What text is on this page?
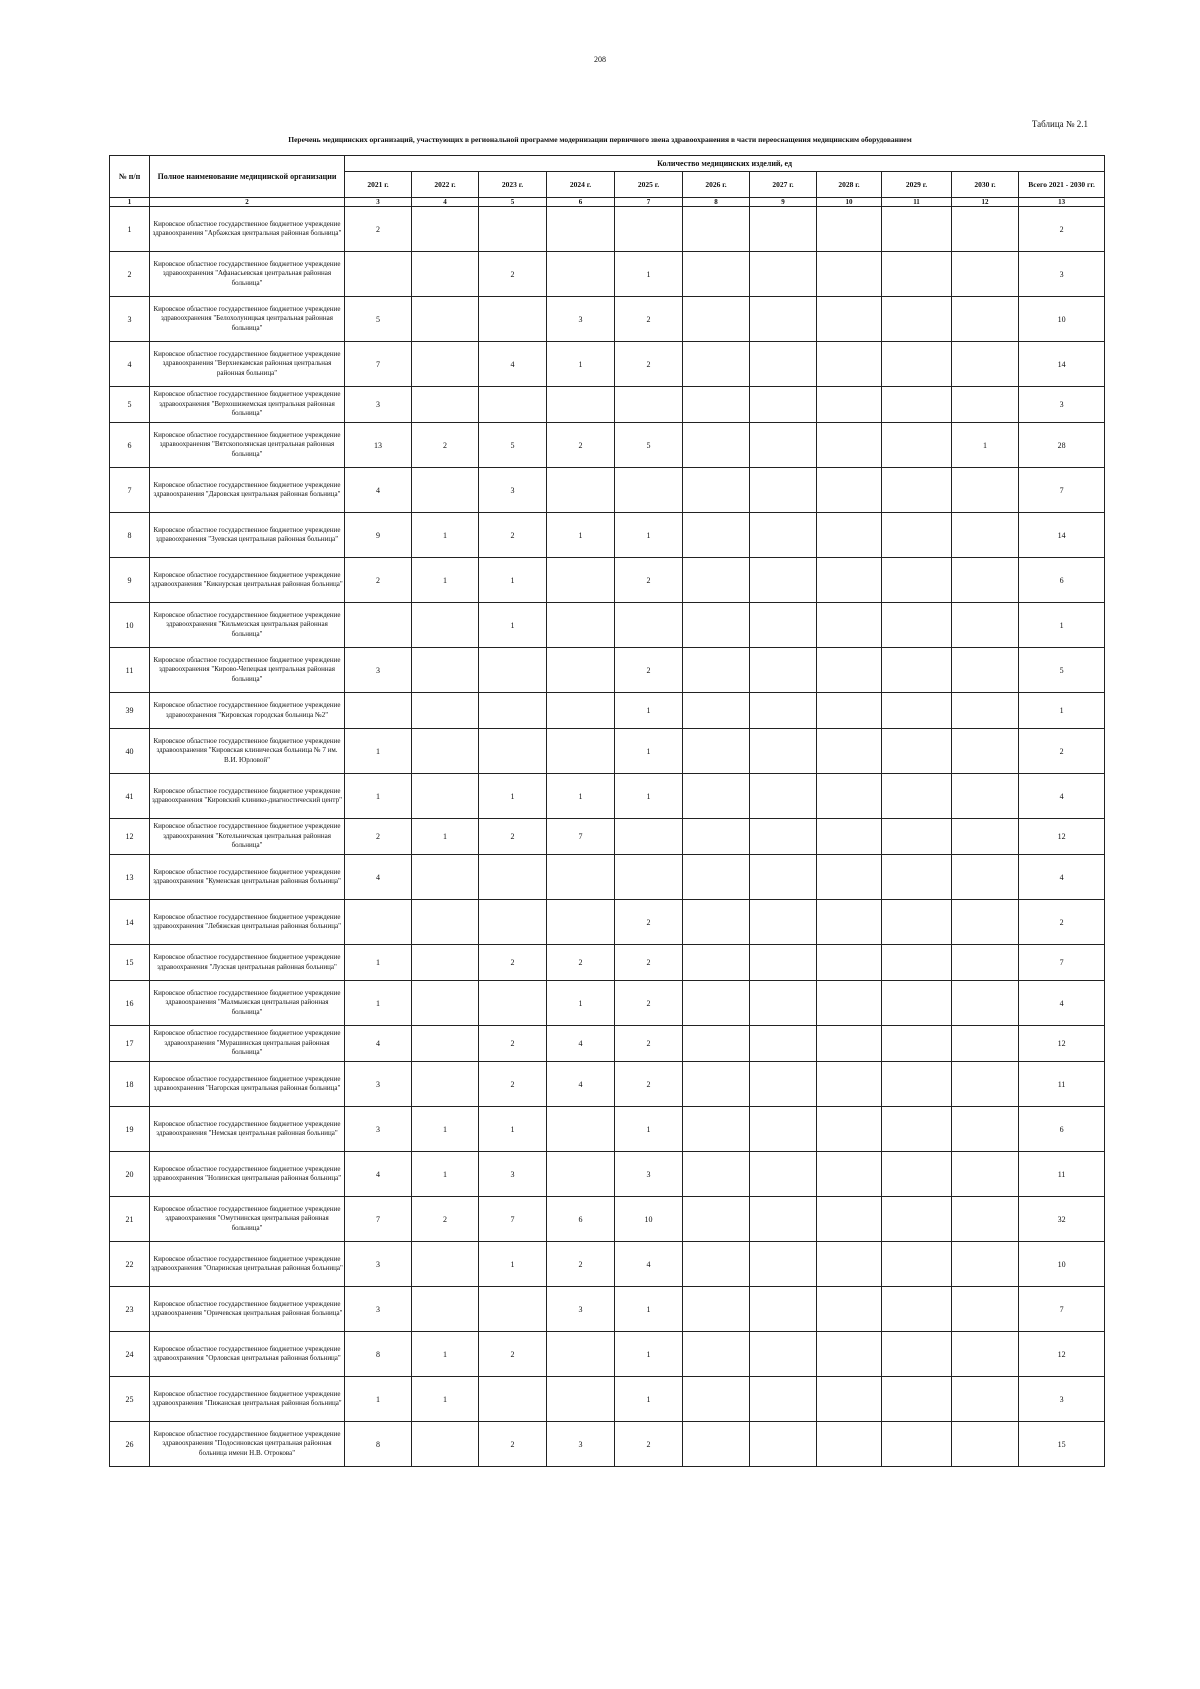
208
Таблица № 2.1
Перечень медицинских организаций, участвующих в региональной программе модернизации первичного звена здравоохранения в части переоснащения медицинским оборудованием
№ п/п	Полное наименование медицинской организации	Количество медицинских изделий, ед										
		2021 г.	2022 г.	2023 г.	2024 г.	2025 г.	2026 г.	2027 г.	2028 г.	2029 г.	2030 г.	Всего 2021 - 2030 гг.
1	2	3	4	5	6	7	8	9	10	11	12	13
1	Кировское областное государственное бюджетное учреждение здравоохранения "Арбажская центральная районная больница"	2										2
2	Кировское областное государственное бюджетное учреждение здравоохранения "Афанасьевская центральная районная больница"			2		1						3
3	Кировское областное государственное бюджетное учреждение здравоохранения "Белохолуницкая центральная районная больница"	5			3	2						10
4	Кировское областное государственное бюджетное учреждение здравоохранения "Верхнекамская районная центральная районная больница"	7		4	1	2						14
5	Кировское областное государственное бюджетное учреждение здравоохранения "Верхошижемская центральная районная больница"	3										3
6	Кировское областное государственное бюджетное учреждение здравоохранения "Вятскополянская центральная районная больница"	13	2	5	2	5					1	28
7	Кировское областное государственное бюджетное учреждение здравоохранения "Даровская центральная районная больница"	4		3								7
8	Кировское областное государственное бюджетное учреждение здравоохранения "Зуевская центральная районная больница"	9	1	2	1	1						14
9	Кировское областное государственное бюджетное учреждение здравоохранения "Кикнурская центральная районная больница"	2	1	1		2						6
10	Кировское областное государственное бюджетное учреждение здравоохранения "Кильмезская центральная районная больница"			1								1
11	Кировское областное государственное бюджетное учреждение здравоохранения "Кирово-Чепецкая центральная районная больница"	3				2						5
39	Кировское областное государственное бюджетное учреждение здравоохранения "Кировская городская больница №2"					1						1
40	Кировское областное государственное бюджетное учреждение здравоохранения "Кировская клиническая больница № 7 им. В.И. Юрловой"	1				1						2
41	Кировское областное государственное бюджетное учреждение здравоохранения "Кировский клинико-диагностический центр"	1		1	1	1						4
12	Кировское областное государственное бюджетное учреждение здравоохранения "Котельничская центральная районная больница"	2	1	2	7							12
13	Кировское областное государственное бюджетное учреждение здравоохранения "Куменская центральная районная больница"	4										4
14	Кировское областное государственное бюджетное учреждение здравоохранения "Лебяжская центральная районная больница"					2						2
15	Кировское областное государственное бюджетное учреждение здравоохранения "Лузская центральная районная больница"	1		2	2	2						7
16	Кировское областное государственное бюджетное учреждение здравоохранения "Малмыжская центральная районная больница"	1			1	2						4
17	Кировское областное государственное бюджетное учреждение здравоохранения "Мурашинская центральная районная больница"	4		2	4	2						12
18	Кировское областное государственное бюджетное учреждение здравоохранения "Нагорская центральная районная больница"	3		2	4	2						11
19	Кировское областное государственное бюджетное учреждение здравоохранения "Немская центральная районная больница"	3	1	1		1						6
20	Кировское областное государственное бюджетное учреждение здравоохранения "Нолинская центральная районная больница"	4	1	3		3						11
21	Кировское областное государственное бюджетное учреждение здравоохранения "Омутнинская центральная районная больница"	7	2	7	6	10						32
22	Кировское областное государственное бюджетное учреждение здравоохранения "Опаринская центральная районная больница"	3		1	2	4						10
23	Кировское областное государственное бюджетное учреждение здравоохранения "Оричевская центральная районная больница"	3			3	1						7
24	Кировское областное государственное бюджетное учреждение здравоохранения "Орловская центральная районная больница"	8	1	2		1						12
25	Кировское областное государственное бюджетное учреждение здравоохранения "Пижанская центральная районная больница"	1	1			1						3
26	Кировское областное государственное бюджетное учреждение здравоохранения "Подосиновская центральная районная больница имени Н.В. Отрокова"	8		2	3	2						15
